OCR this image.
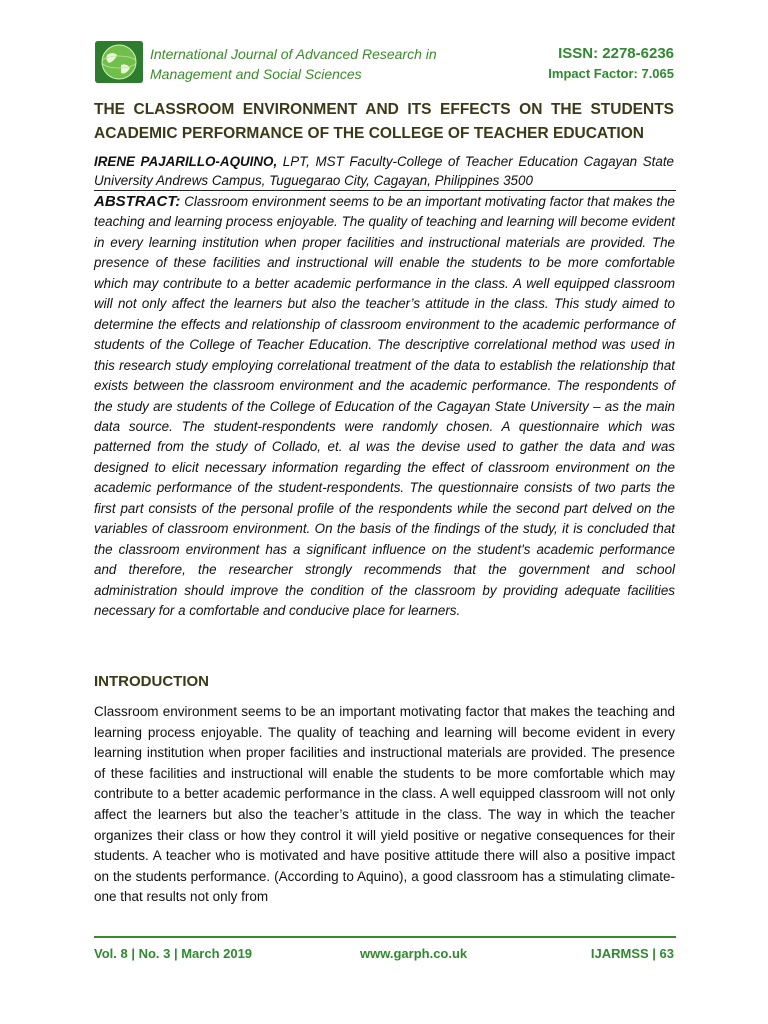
International Journal of Advanced Research in
Management and Social Sciences
ISSN: 2278-6236
Impact Factor: 7.065
THE CLASSROOM ENVIRONMENT AND ITS EFFECTS ON THE STUDENTS
ACADEMIC PERFORMANCE OF THE COLLEGE OF TEACHER EDUCATION
IRENE PAJARILLO-AQUINO, LPT, MST Faculty-College of Teacher Education Cagayan State University Andrews Campus, Tuguegarao City, Cagayan, Philippines 3500
ABSTRACT: Classroom environment seems to be an important motivating factor that makes the teaching and learning process enjoyable. The quality of teaching and learning will become evident in every learning institution when proper facilities and instructional materials are provided. The presence of these facilities and instructional will enable the students to be more comfortable which may contribute to a better academic performance in the class. A well equipped classroom will not only affect the learners but also the teacher’s attitude in the class. This study aimed to determine the effects and relationship of classroom environment to the academic performance of students of the College of Teacher Education. The descriptive correlational method was used in this research study employing correlational treatment of the data to establish the relationship that exists between the classroom environment and the academic performance. The respondents of the study are students of the College of Education of the Cagayan State University – as the main data source. The student-respondents were randomly chosen. A questionnaire which was patterned from the study of Collado, et. al was the devise used to gather the data and was designed to elicit necessary information regarding the effect of classroom environment on the academic performance of the student-respondents. The questionnaire consists of two parts the first part consists of the personal profile of the respondents while the second part delved on the variables of classroom environment. On the basis of the findings of the study, it is concluded that the classroom environment has a significant influence on the student's academic performance and therefore, the researcher strongly recommends that the government and school administration should improve the condition of the classroom by providing adequate facilities necessary for a comfortable and conducive place for learners.
INTRODUCTION
Classroom environment seems to be an important motivating factor that makes the teaching and learning process enjoyable. The quality of teaching and learning will become evident in every learning institution when proper facilities and instructional materials are provided. The presence of these facilities and instructional will enable the students to be more comfortable which may contribute to a better academic performance in the class. A well equipped classroom will not only affect the learners but also the teacher’s attitude in the class. The way in which the teacher organizes their class or how they control it will yield positive or negative consequences for their students. A teacher who is motivated and have positive attitude there will also a positive impact on the students performance. (According to Aquino), a good classroom has a stimulating climate-one that results not only from
Vol. 8 | No. 3 | March 2019	www.garph.co.uk	IJARMSS | 63
